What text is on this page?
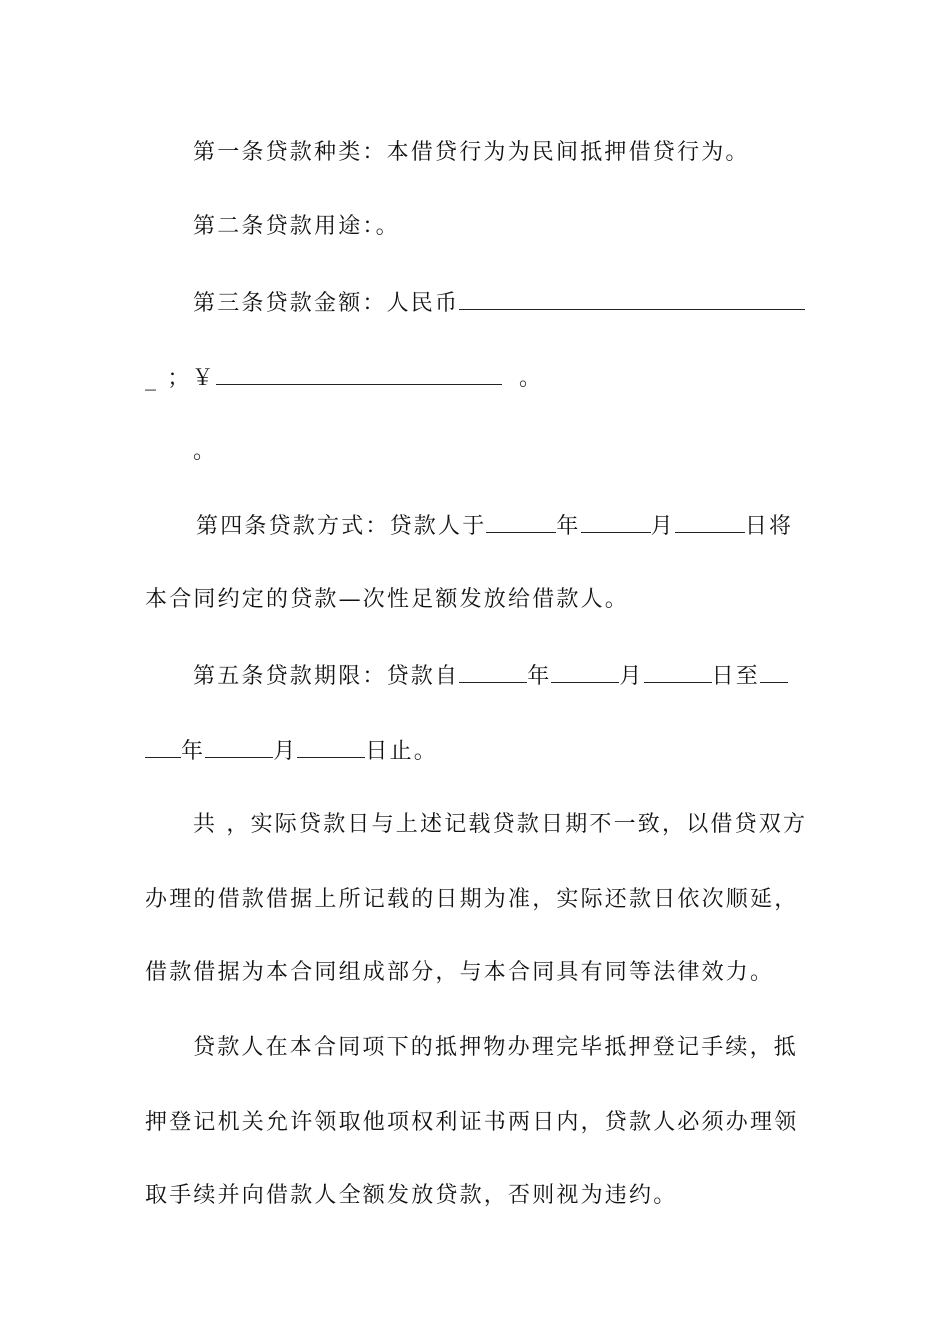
第一条贷款种类：本借贷行为为民间抵押借贷行为。
第二条贷款用途：。
第三条贷款金额：人民币
_ ；￥	。
。
第四条贷款方式：贷款人于	年	月	日将
本合同约定的贷款—次性足额发放给借款人。
第五条贷款期限：贷款自	年	月	日至
年	月	日止。
共 ，实际贷款日与上述记载贷款日期不一致，以借贷双方
办理的借款借据上所记载的日期为准，实际还款日依次顺延，
借款借据为本合同组成部分，与本合同具有同等法律效力。
贷款人在本合同项下的抵押物办理完毕抵押登记手续，抵
押登记机关允许领取他项权利证书两日内，贷款人必须办理领
取手续并向借款人全额发放贷款，否则视为违约。
